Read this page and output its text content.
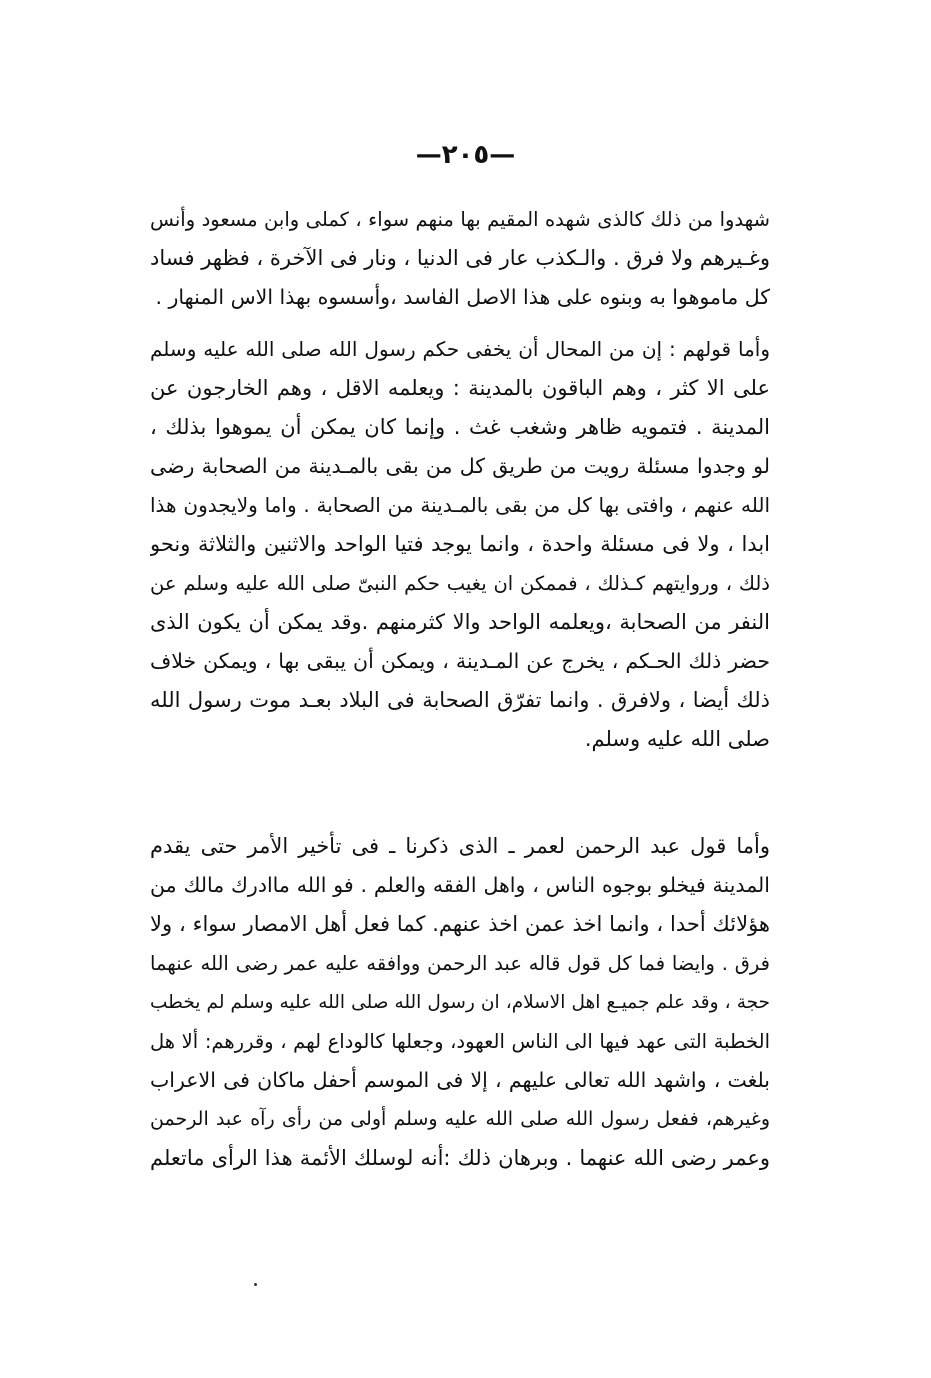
—٢٠٥—
شهدوا من ذلك كالذى شهده المقيم بها منهم سواء ، كملى وابن مسعود وأنس
وغـيرهم ولا فرق . والـكذب عار فى الدنيا ، ونار فى الآخرة ، فظهر فساد
كل ماموهوا به وبنوه على هذا الاصل الفاسد ،وأسسوه بهذا الاس المنهار .
وأما قولهم : إن من المحال أن يخفى حكم رسول الله صلى الله عليه وسلم
على الا كثر ، وهم الباقون بالمدينة : ويعلمه الاقل ، وهم الخارجون عن
المدينة . فتمويه ظاهر وشغب غث . وإنما كان يمكن أن يموهوا بذلك ،
لو وجدوا مسئلة رويت من طريق كل من بقى بالمـدينة من الصحابة رضى
الله عنهم ، وافتى بها كل من بقى بالمـدينة من الصحابة . واما ولايجدون هذا
ابدا ، ولا فى مسئلة واحدة ، وانما يوجد فتيا الواحد والاثنين والثلاثة ونحو
ذلك ، وروايتهم كـذلك ، فممكن ان يغيب حكم النبىّ صلى الله عليه وسلم عن
النفر من الصحابة ،ويعلمه الواحد والا كثرمنهم .وقد يمكن أن يكون الذى
حضر ذلك الحـكم ، يخرج عن المـدينة ، ويمكن أن يبقى بها ، ويمكن خلاف
ذلك أيضا ، ولافرق . وانما تفرّق الصحابة فى البلاد بعـد موت رسول الله
صلى الله عليه وسلم.
وأما قول عبد الرحمن لعمر ـ الذى ذكرنا ـ فى تأخير الأمر حتى يقدم
المدينة فيخلو بوجوه الناس ، واهل الفقه والعلم . فو الله ماادرك مالك من
هؤلائك أحدا ، وانما اخذ عمن اخذ عنهم. كما فعل أهل الامصار سواء ، ولا
فرق . وايضا فما كل قول قاله عبد الرحمن ووافقه عليه عمر رضى الله عنهما
حجة ، وقد علم جميـع اهل الاسلام، ان رسول الله صلى الله عليه وسلم لم يخطب
الخطبة التى عهد فيها الى الناس العهود، وجعلها كالوداع لهم ، وقررهم: ألا هل
بلغت ، واشهد الله تعالى عليهم ، إلا فى الموسم أحفل ماكان فى الاعراب
وغيرهم، ففعل رسول الله صلى الله عليه وسلم أولى من رأى رآه عبد الرحمن
وعمر رضى الله عنهما . وبرهان ذلك :أنه لوسلك الأئمة هذا الرأى ماتعلم
